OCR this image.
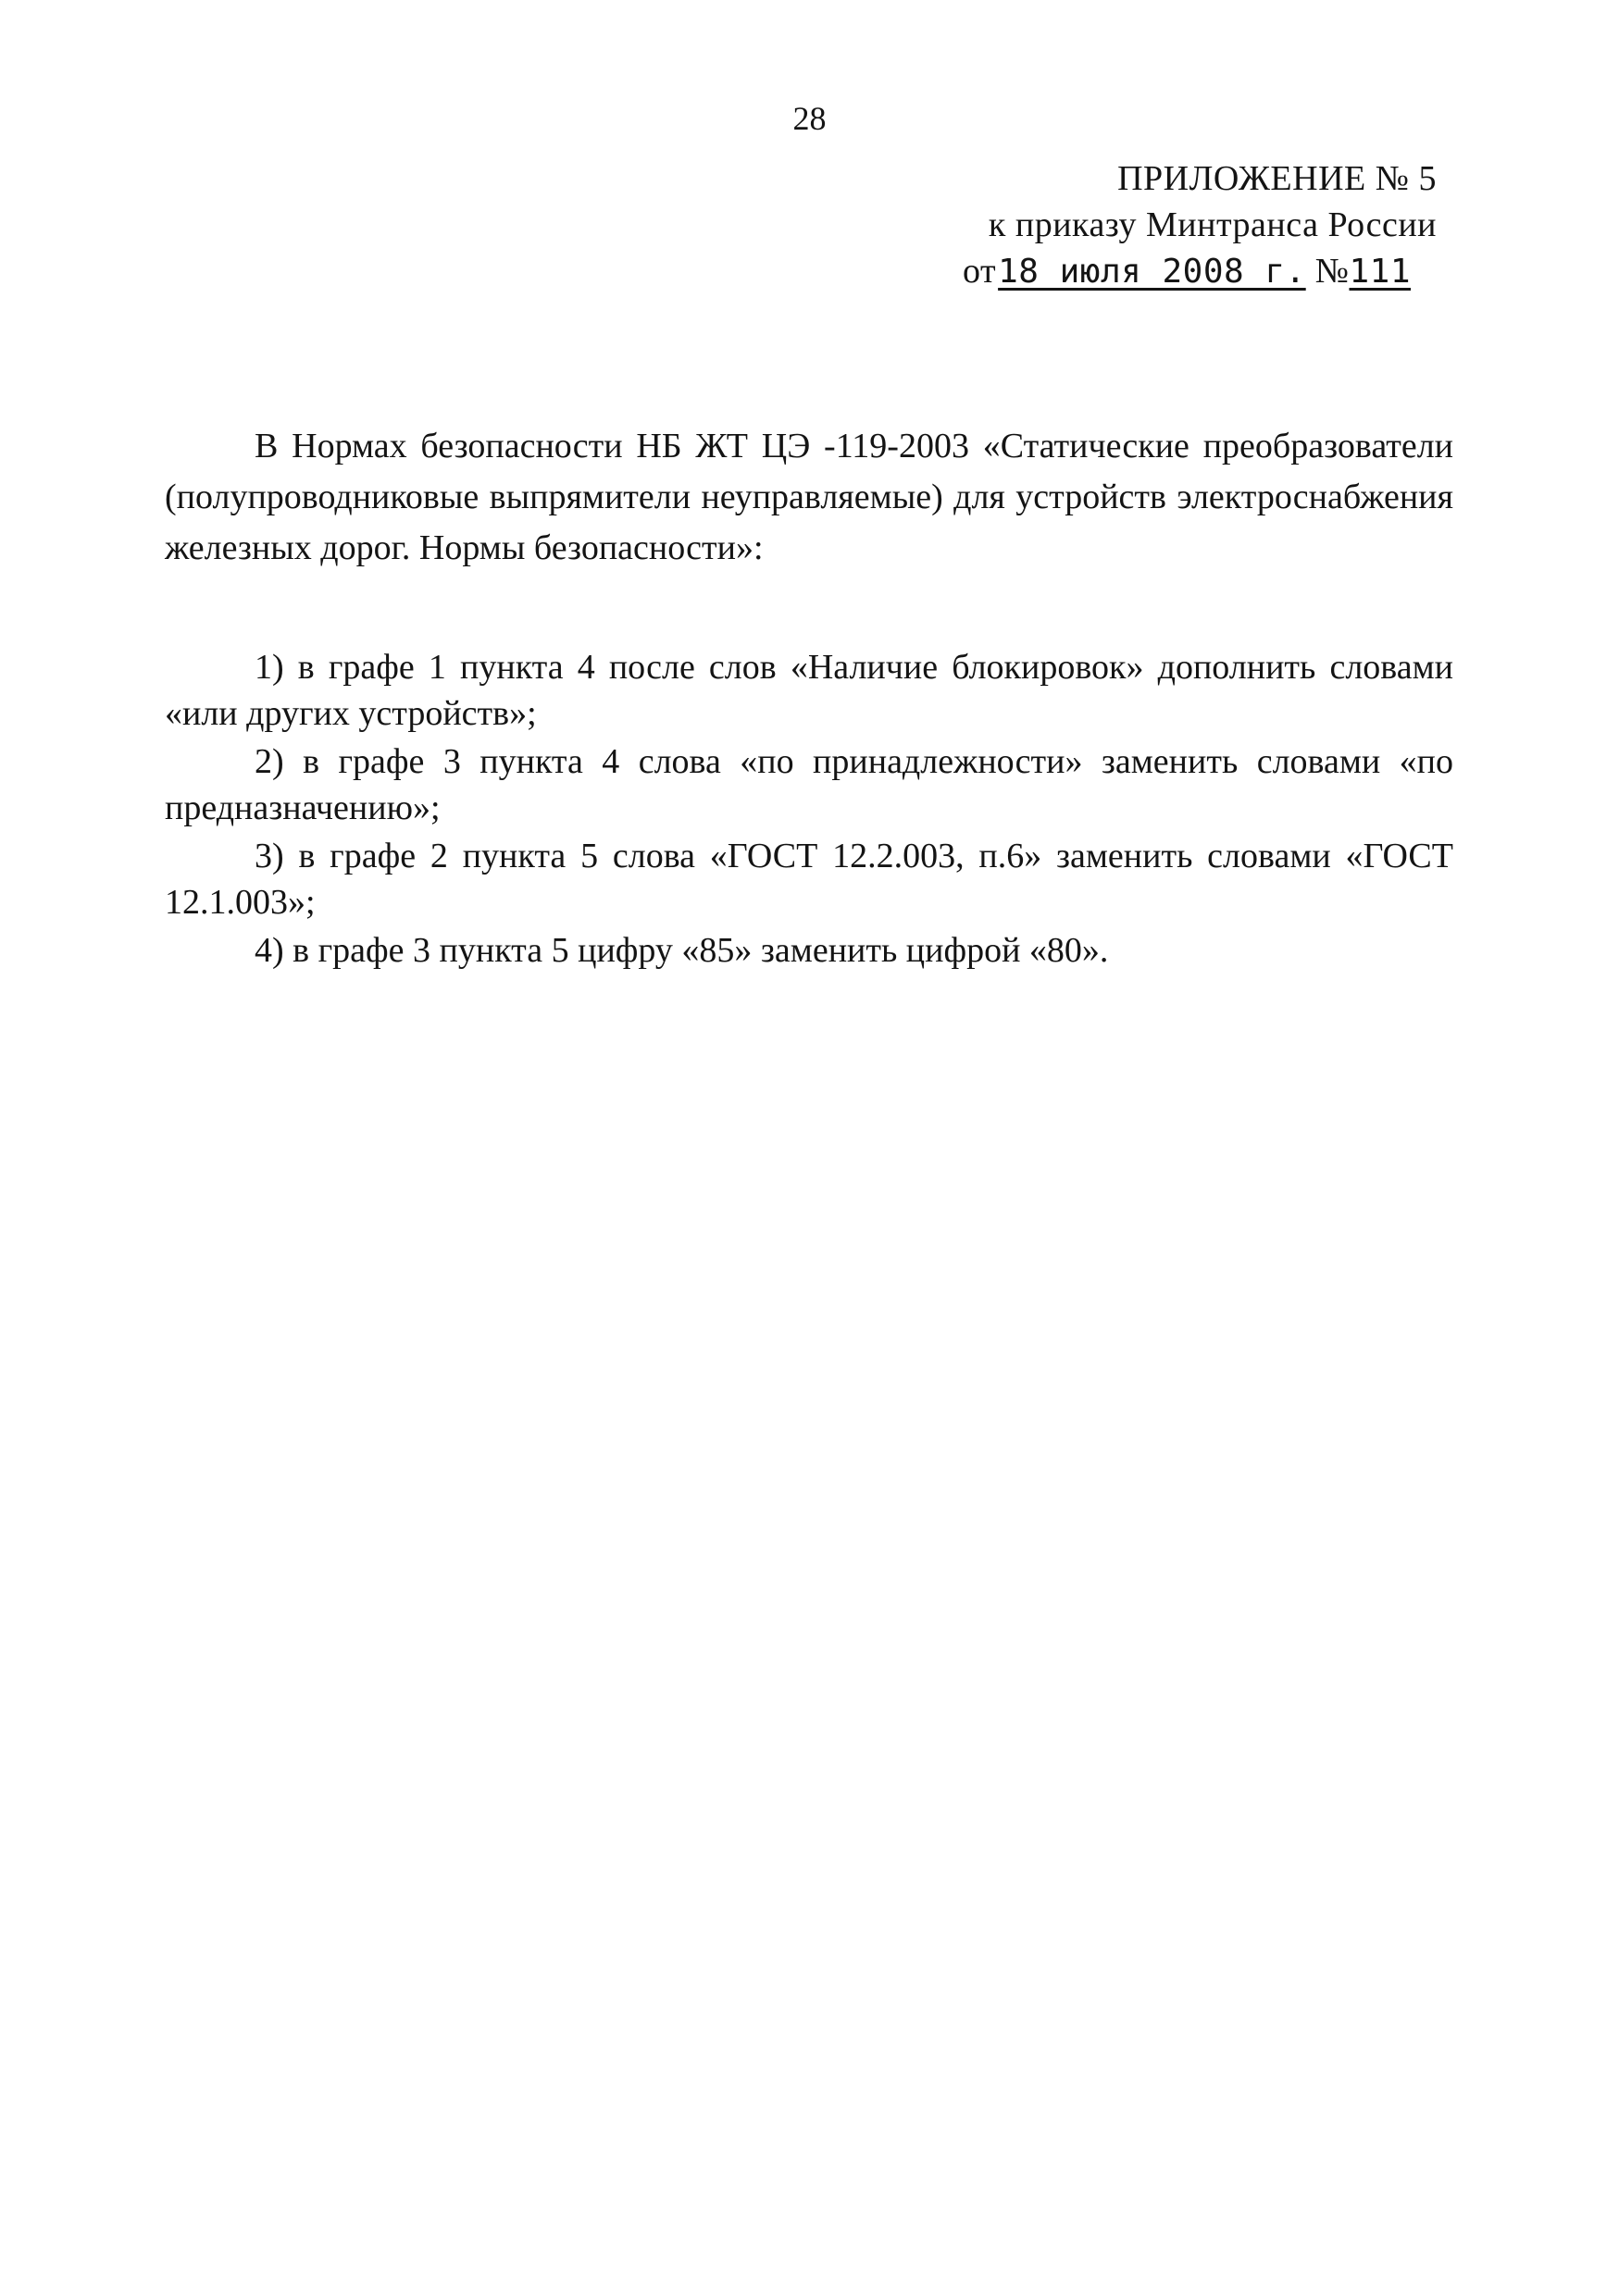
28
ПРИЛОЖЕНИЕ № 5
к приказу Минтранса России
от 18 июля 2008 г. № 111

В Нормах безопасности НБ ЖТ ЦЭ -119-2003 «Статические преобразователи (полупроводниковые выпрямители неуправляемые) для устройств электроснабжения железных дорог. Нормы безопасности»:

1) в графе 1 пункта 4 после слов «Наличие блокировок» дополнить словами «или других устройств»;

2) в графе 3 пункта 4 слова «по принадлежности» заменить словами «по предназначению»;

3) в графе 2 пункта 5 слова «ГОСТ 12.2.003, п.6» заменить словами «ГОСТ 12.1.003»;

4) в графе 3 пункта 5 цифру «85» заменить цифрой «80».
